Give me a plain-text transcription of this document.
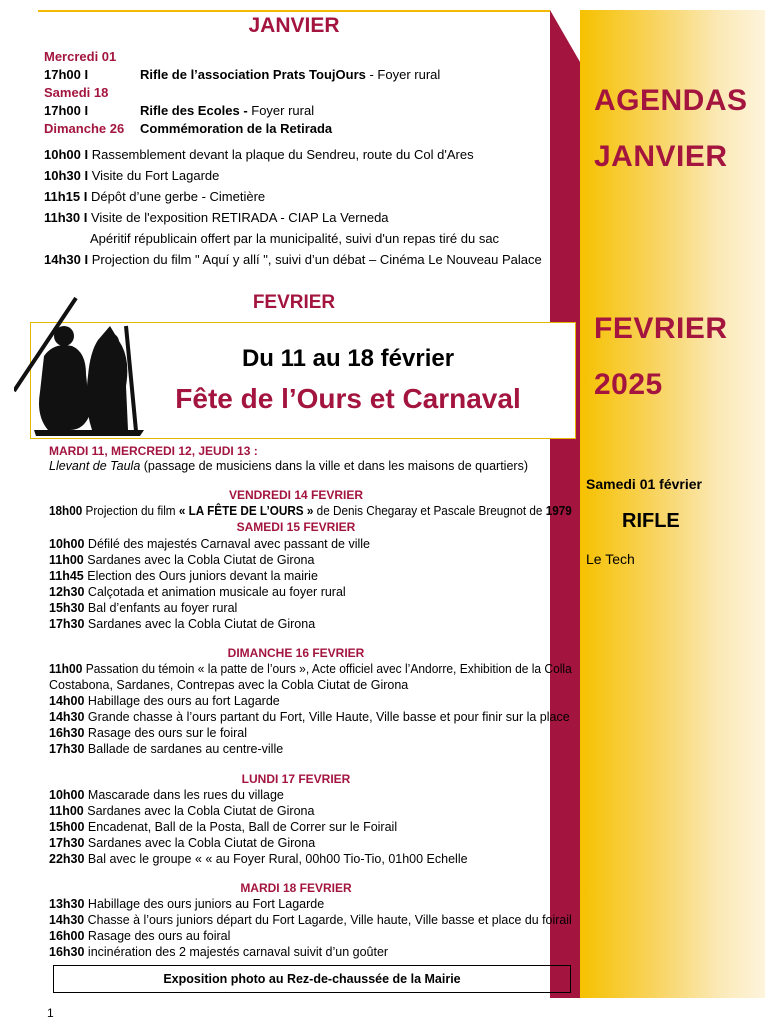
AGENDAS
JANVIER
FEVRIER
2025
Samedi 01 février
RIFLE
Le Tech
JANVIER
Mercredi 01
17h00 I	Rifle de l’association Prats ToujOurs - Foyer rural
Samedi 18
17h00 I	Rifle des Ecoles - Foyer rural
Dimanche 26 Commémoration de la Retirada
10h00 I Rassemblement devant la plaque du Sendreu, route du Col d'Ares
10h30 I Visite du Fort Lagarde
11h15 I Dépôt d’une gerbe - Cimetière
11h30 I Visite de l'exposition RETIRADA - CIAP La Verneda
Apéritif républicain offert par la municipalité, suivi d'un repas tiré du sac
14h30 I Projection du film " Aquí y allí ", suivi d’un débat – Cinéma Le Nouveau Palace
FEVRIER
Du 11 au 18 février
Fête de l’Ours et Carnaval
MARDI 11, MERCREDI 12, JEUDI 13 :
Llevant de Taula (passage de musiciens dans la ville et dans les maisons de quartiers)
VENDREDI 14 FEVRIER
18h00 Projection du film « LA FÊTE DE L’OURS » de Denis Chegaray et Pascale Breugnot de 1979
SAMEDI 15 FEVRIER
10h00 Défilé des majestés Carnaval avec passant de ville
11h00 Sardanes avec la Cobla Ciutat de Girona
11h45 Election des Ours juniors devant la mairie
12h30 Calçotada et animation musicale au foyer rural
15h30 Bal d’enfants au foyer rural
17h30 Sardanes avec la Cobla Ciutat de Girona
DIMANCHE 16 FEVRIER
11h00 Passation du témoin « la patte de l’ours », Acte officiel avec l’Andorre, Exhibition de la Colla
Costabona, Sardanes, Contrepas avec la Cobla Ciutat de Girona
14h00 Habillage des ours au fort Lagarde
14h30 Grande chasse à l’ours partant du Fort, Ville Haute, Ville basse et pour finir sur la place
16h30 Rasage des ours sur le foiral
17h30 Ballade de sardanes au centre-ville
LUNDI 17 FEVRIER
10h00 Mascarade dans les rues du village
11h00 Sardanes avec la Cobla Ciutat de Girona
15h00 Encadenat, Ball de la Posta, Ball de Correr sur le Foirail
17h30 Sardanes avec la Cobla Ciutat de Girona
22h30 Bal avec le groupe « « au Foyer Rural, 00h00 Tio-Tio, 01h00 Echelle
MARDI 18 FEVRIER
13h30 Habillage des ours juniors au Fort Lagarde
14h30 Chasse à l’ours juniors départ du Fort Lagarde, Ville haute, Ville basse et place du foirail
16h00 Rasage des ours au foiral
16h30 incinération des 2 majestés carnaval suivit d’un goûter
Exposition photo au Rez-de-chaussée de la Mairie
1
